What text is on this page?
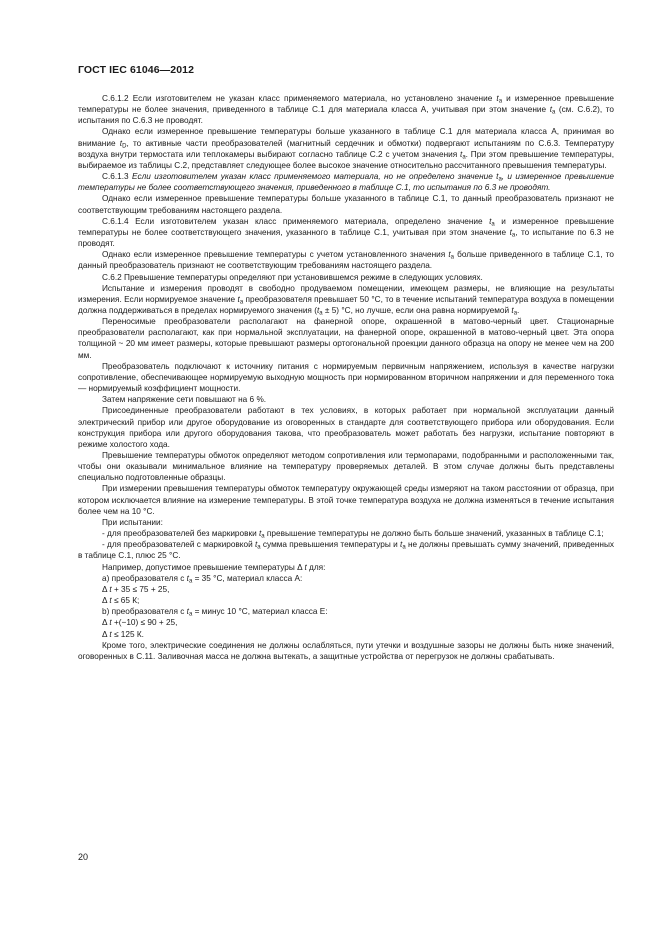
ГОСТ IEC 61046—2012

С.6.1.2 Если изготовителем не указан класс применяемого материала, но установлено значение $t_a$ и измеренное превышение температуры не более значения, приведенного в таблице С.1 для материала класса А, учитывая при этом значение $t_a$ (см. С.6.2), то испытания по С.6.3 не проводят.

Однако если измеренное превышение температуры больше указанного в таблице С.1 для материала класса А, принимая во внимание $t_D$, то активные части преобразователей (магнитный сердечник и обмотки) подвергают испытаниям по С.6.3. Температуру воздуха внутри термостата или теплокамеры выбирают согласно таблице С.2 с учетом значения $t_a$. При этом превышение температуры, выбираемое из таблицы С.2, представляет следующее более высокое значение относительно рассчитанного превышения температуры.

С.6.1.3 Если изготовителем указан класс применяемого материала, но не определено значение $t_a$, и измеренное превышение температуры не более соответствующего значения, приведенного в таблице С.1, то испытания по 6.3 не проводят.

Однако если измеренное превышение температуры больше указанного в таблице С.1, то данный преобразователь признают не соответствующим требованиям настоящего раздела.

С.6.1.4 Если изготовителем указан класс применяемого материала, определено значение $t_a$ и измеренное превышение температуры не более соответствующего значения, указанного в таблице С.1, учитывая при этом значение $t_a$, то испытание по 6.3 не проводят.

Однако если измеренное превышение температуры с учетом установленного значения $t_a$ больше приведенного в таблице С.1, то данный преобразователь признают не соответствующим требованиям настоящего раздела.

С.6.2 Превышение температуры определяют при установившемся режиме в следующих условиях.

Испытание и измерения проводят в свободно продуваемом помещении, имеющем размеры, не влияющие на результаты измерения. Если нормируемое значение $t_a$ преобразователя превышает 50 °С, то в течение испытаний температура воздуха в помещении должна поддерживаться в пределах нормируемого значения $(t_a \pm 5)$ °С, но лучше, если она равна нормируемой $t_a$.

Переносимые преобразователи располагают на фанерной опоре, окрашенной в матово-черный цвет. Стационарные преобразователи располагают, как при нормальной эксплуатации, на фанерной опоре, окрашенной в матово-черный цвет. Эта опора толщиной ~ 20 мм имеет размеры, которые превышают размеры ортогональной проекции данного образца на опору не менее чем на 200 мм.

Преобразователь подключают к источнику питания с нормируемым первичным напряжением, используя в качестве нагрузки сопротивление, обеспечивающее нормируемую выходную мощность при нормированном вторичном напряжении и для переменного тока — нормируемый коэффициент мощности.

Затем напряжение сети повышают на 6 %.

Присоединенные преобразователи работают в тех условиях, в которых работает при нормальной эксплуатации данный электрический прибор или другое оборудование из оговоренных в стандарте для соответствующего прибора или оборудования. Если конструкция прибора или другого оборудования такова, что преобразователь может работать без нагрузки, испытание повторяют в режиме холостого хода.

Превышение температуры обмоток определяют методом сопротивления или термопарами, подобранными и расположенными так, чтобы они оказывали минимальное влияние на температуру проверяемых деталей. В этом случае должны быть представлены специально подготовленные образцы.

При измерении превышения температуры обмоток температуру окружающей среды измеряют на таком расстоянии от образца, при котором исключается влияние на измерение температуры. В этой точке температура воздуха не должна изменяться в течение испытания более чем на 10 °С.

При испытании:

- для преобразователей без маркировки $t_a$ превышение температуры не должно быть больше значений, указанных в таблице С.1;

- для преобразователей с маркировкой $t_a$ сумма превышения температуры и $t_a$ не должны превышать сумму значений, приведенных в таблице С.1, плюс 25 °С.

Например, допустимое превышение температуры Δ t для:

а) преобразователя с $t_a = 35$ °С, материал класса А:

Δ t + 35 ≤ 75 + 25,

Δ t ≤ 65 К;

b) преобразователя с $t_a$ = минус 10 °С, материал класса Е:

Δ t +(−10) ≤ 90 + 25,

Δ t ≤ 125 К.

Кроме того, электрические соединения не должны ослабляться, пути утечки и воздушные зазоры не должны быть ниже значений, оговоренных в С.11. Заливочная масса не должна вытекать, а защитные устройства от перегрузок не должны срабатывать.

20
